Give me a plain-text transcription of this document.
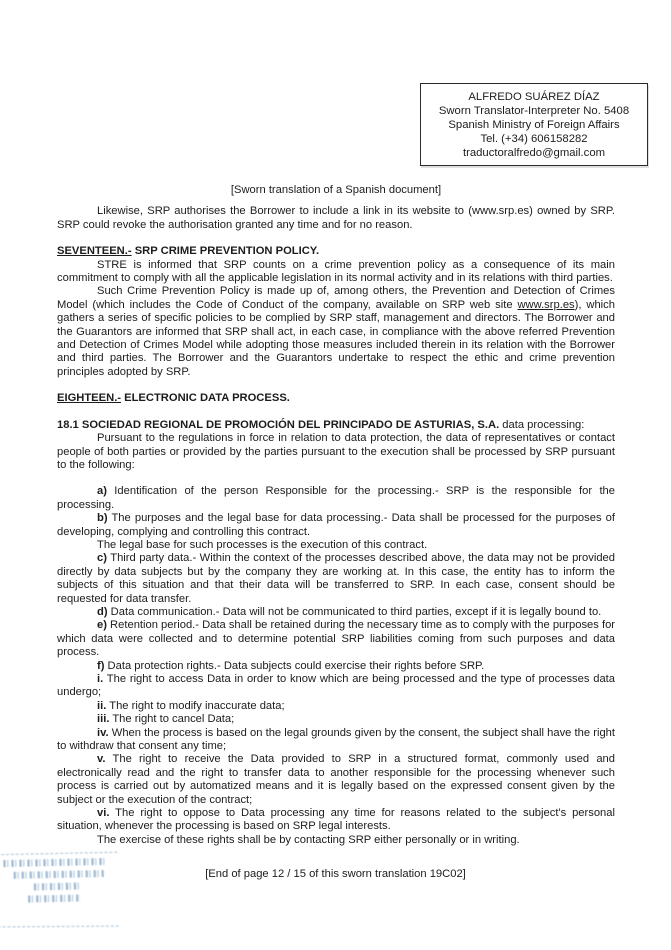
ALFREDO SUÁREZ DÍAZ
Sworn Translator-Interpreter No. 5408
Spanish Ministry of Foreign Affairs
Tel. (+34) 606158282
traductoralfredo@gmail.com
[Sworn translation of a Spanish document]

Likewise, SRP authorises the Borrower to include a link in its website to (www.srp.es) owned by SRP. SRP could revoke the authorisation granted any time and for no reason.

SEVENTEEN.- SRP CRIME PREVENTION POLICY.

STRE is informed that SRP counts on a crime prevention policy as a consequence of its main commitment to comply with all the applicable legislation in its normal activity and in its relations with third parties.

Such Crime Prevention Policy is made up of, among others, the Prevention and Detection of Crimes Model (which includes the Code of Conduct of the company, available on SRP web site www.srp.es), which gathers a series of specific policies to be complied by SRP staff, management and directors. The Borrower and the Guarantors are informed that SRP shall act, in each case, in compliance with the above referred Prevention and Detection of Crimes Model while adopting those measures included therein in its relation with the Borrower and third parties. The Borrower and the Guarantors undertake to respect the ethic and crime prevention principles adopted by SRP.

EIGHTEEN.- ELECTRONIC DATA PROCESS.

18.1 SOCIEDAD REGIONAL DE PROMOCIÓN DEL PRINCIPADO DE ASTURIAS, S.A. data processing:

Pursuant to the regulations in force in relation to data protection, the data of representatives or contact people of both parties or provided by the parties pursuant to the execution shall be processed by SRP pursuant to the following:

a) Identification of the person Responsible for the processing.- SRP is the responsible for the processing.

b) The purposes and the legal base for data processing.- Data shall be processed for the purposes of developing, complying and controlling this contract.

The legal base for such processes is the execution of this contract.

c) Third party data.- Within the context of the processes described above, the data may not be provided directly by data subjects but by the company they are working at. In this case, the entity has to inform the subjects of this situation and that their data will be transferred to SRP. In each case, consent should be requested for data transfer.

d) Data communication.- Data will not be communicated to third parties, except if it is legally bound to.

e) Retention period.- Data shall be retained during the necessary time as to comply with the purposes for which data were collected and to determine potential SRP liabilities coming from such purposes and data process.

f) Data protection rights.- Data subjects could exercise their rights before SRP.

i. The right to access Data in order to know which are being processed and the type of processes data undergo;

ii. The right to modify inaccurate data;

iii. The right to cancel Data;

iv. When the process is based on the legal grounds given by the consent, the subject shall have the right to withdraw that consent any time;

v. The right to receive the Data provided to SRP in a structured format, commonly used and electronically read and the right to transfer data to another responsible for the processing whenever such process is carried out by automatized means and it is legally based on the expressed consent given by the subject or the execution of the contract;

vi. The right to oppose to Data processing any time for reasons related to the subject's personal situation, whenever the processing is based on SRP legal interests.

The exercise of these rights shall be by contacting SRP either personally or in writing.

[End of page 12 / 15 of this sworn translation 19C02]
